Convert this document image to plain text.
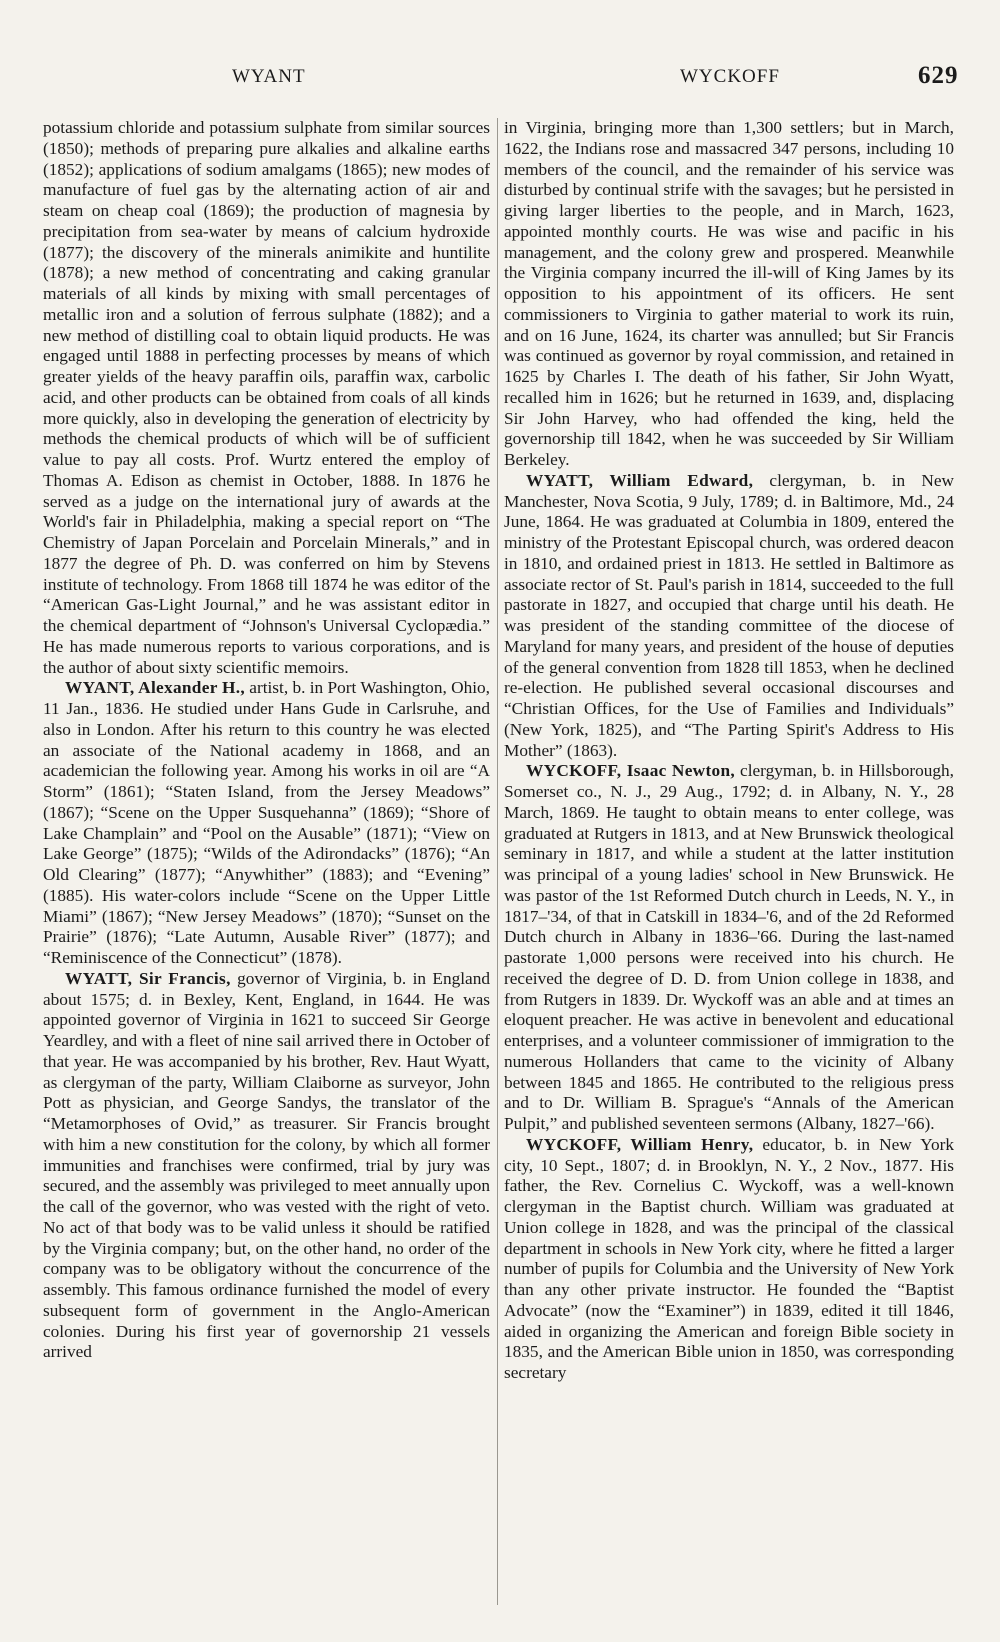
WYANT	WYCKOFF	629

potassium chloride and potassium sulphate from similar sources (1850); methods of preparing pure alkalies and alkaline earths (1852); applications of sodium amalgams (1865); new modes of manufacture of fuel gas by the alternating action of air and steam on cheap coal (1869); the production of magnesia by precipitation from sea-water by means of calcium hydroxide (1877); the discovery of the minerals animikite and huntilite (1878); a new method of concentrating and caking granular materials of all kinds by mixing with small percentages of metallic iron and a solution of ferrous sulphate (1882); and a new method of distilling coal to obtain liquid products. He was engaged until 1888 in perfecting processes by means of which greater yields of the heavy paraffin oils, paraffin wax, carbolic acid, and other products can be obtained from coals of all kinds more quickly, also in developing the generation of electricity by methods the chemical products of which will be of sufficient value to pay all costs. Prof. Wurtz entered the employ of Thomas A. Edison as chemist in October, 1888. In 1876 he served as a judge on the international jury of awards at the World's fair in Philadelphia, making a special report on “The Chemistry of Japan Porcelain and Porcelain Minerals,” and in 1877 the degree of Ph. D. was conferred on him by Stevens institute of technology. From 1868 till 1874 he was editor of the “American Gas-Light Journal,” and he was assistant editor in the chemical department of “Johnson's Universal Cyclopædia.” He has made numerous reports to various corporations, and is the author of about sixty scientific memoirs.

WYANT, Alexander H., artist, b. in Port Washington, Ohio, 11 Jan., 1836. He studied under Hans Gude in Carlsruhe, and also in London. After his return to this country he was elected an associate of the National academy in 1868, and an academician the following year. Among his works in oil are “A Storm” (1861); “Staten Island, from the Jersey Meadows” (1867); “Scene on the Upper Susquehanna” (1869); “Shore of Lake Champlain” and “Pool on the Ausable” (1871); “View on Lake George” (1875); “Wilds of the Adirondacks” (1876); “An Old Clearing” (1877); “Anywhither” (1883); and “Evening” (1885). His water-colors include “Scene on the Upper Little Miami” (1867); “New Jersey Meadows” (1870); “Sunset on the Prairie” (1876); “Late Autumn, Ausable River” (1877); and “Reminiscence of the Connecticut” (1878).

WYATT, Sir Francis, governor of Virginia, b. in England about 1575; d. in Bexley, Kent, England, in 1644. He was appointed governor of Virginia in 1621 to succeed Sir George Yeardley, and with a fleet of nine sail arrived there in October of that year. He was accompanied by his brother, Rev. Haut Wyatt, as clergyman of the party, William Claiborne as surveyor, John Pott as physician, and George Sandys, the translator of the “Metamorphoses of Ovid,” as treasurer. Sir Francis brought with him a new constitution for the colony, by which all former immunities and franchises were confirmed, trial by jury was secured, and the assembly was privileged to meet annually upon the call of the governor, who was vested with the right of veto. No act of that body was to be valid unless it should be ratified by the Virginia company; but, on the other hand, no order of the company was to be obligatory without the concurrence of the assembly. This famous ordinance furnished the model of every subsequent form of government in the Anglo-American colonies. During his first year of governorship 21 vessels arrived

in Virginia, bringing more than 1,300 settlers; but in March, 1622, the Indians rose and massacred 347 persons, including 10 members of the council, and the remainder of his service was disturbed by continual strife with the savages; but he persisted in giving larger liberties to the people, and in March, 1623, appointed monthly courts. He was wise and pacific in his management, and the colony grew and prospered. Meanwhile the Virginia company incurred the ill-will of King James by its opposition to his appointment of its officers. He sent commissioners to Virginia to gather material to work its ruin, and on 16 June, 1624, its charter was annulled; but Sir Francis was continued as governor by royal commission, and retained in 1625 by Charles I. The death of his father, Sir John Wyatt, recalled him in 1626; but he returned in 1639, and, displacing Sir John Harvey, who had offended the king, held the governorship till 1842, when he was succeeded by Sir William Berkeley.

WYATT, William Edward, clergyman, b. in New Manchester, Nova Scotia, 9 July, 1789; d. in Baltimore, Md., 24 June, 1864. He was graduated at Columbia in 1809, entered the ministry of the Protestant Episcopal church, was ordered deacon in 1810, and ordained priest in 1813. He settled in Baltimore as associate rector of St. Paul's parish in 1814, succeeded to the full pastorate in 1827, and occupied that charge until his death. He was president of the standing committee of the diocese of Maryland for many years, and president of the house of deputies of the general convention from 1828 till 1853, when he declined re-election. He published several occasional discourses and “Christian Offices, for the Use of Families and Individuals” (New York, 1825), and “The Parting Spirit's Address to His Mother” (1863).

WYCKOFF, Isaac Newton, clergyman, b. in Hillsborough, Somerset co., N. J., 29 Aug., 1792; d. in Albany, N. Y., 28 March, 1869. He taught to obtain means to enter college, was graduated at Rutgers in 1813, and at New Brunswick theological seminary in 1817, and while a student at the latter institution was principal of a young ladies' school in New Brunswick. He was pastor of the 1st Reformed Dutch church in Leeds, N. Y., in 1817–'34, of that in Catskill in 1834–'6, and of the 2d Reformed Dutch church in Albany in 1836–'66. During the last-named pastorate 1,000 persons were received into his church. He received the degree of D. D. from Union college in 1838, and from Rutgers in 1839. Dr. Wyckoff was an able and at times an eloquent preacher. He was active in benevolent and educational enterprises, and a volunteer commissioner of immigration to the numerous Hollanders that came to the vicinity of Albany between 1845 and 1865. He contributed to the religious press and to Dr. William B. Sprague's “Annals of the American Pulpit,” and published seventeen sermons (Albany, 1827–'66).

WYCKOFF, William Henry, educator, b. in New York city, 10 Sept., 1807; d. in Brooklyn, N. Y., 2 Nov., 1877. His father, the Rev. Cornelius C. Wyckoff, was a well-known clergyman in the Baptist church. William was graduated at Union college in 1828, and was the principal of the classical department in schools in New York city, where he fitted a larger number of pupils for Columbia and the University of New York than any other private instructor. He founded the “Baptist Advocate” (now the “Examiner”) in 1839, edited it till 1846, aided in organizing the American and foreign Bible society in 1835, and the American Bible union in 1850, was corresponding secretary
